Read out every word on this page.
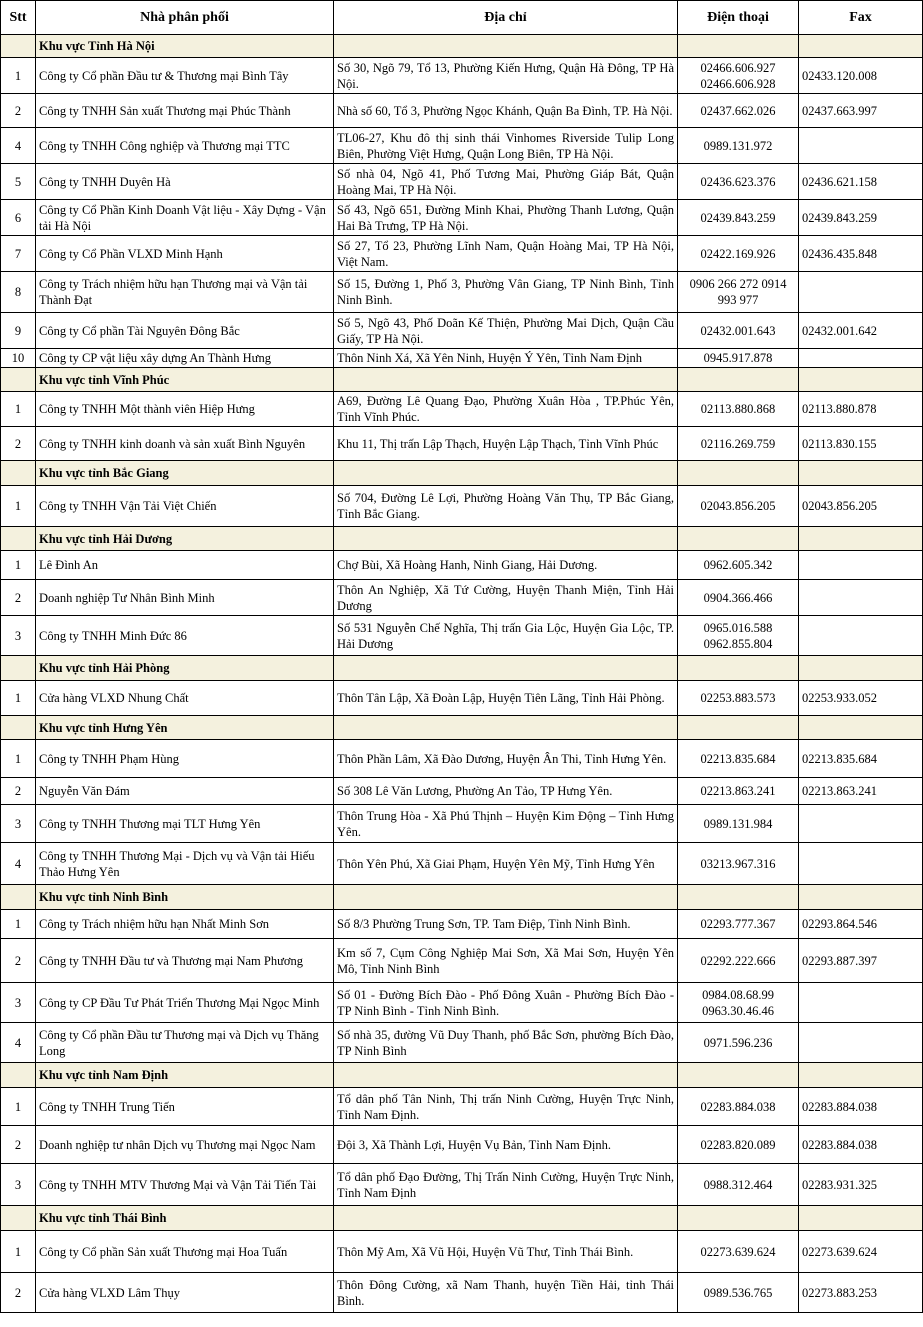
Stt	Nhà phân phối	Địa chỉ	Điện thoại	Fax
	Khu vực Tỉnh Hà Nội			
1	Công ty Cổ phần Đầu tư & Thương mại Bình Tây	Số 30, Ngõ 79, Tổ 13, Phường Kiến Hưng, Quận Hà Đông, TP Hà Nội.	02466.606.927
02466.606.928	02433.120.008
2	Công ty TNHH Sản xuất Thương mại Phúc Thành	Nhà số 60, Tổ 3, Phường Ngọc Khánh, Quận Ba Đình, TP. Hà Nội.	02437.662.026	02437.663.997
4	Công ty TNHH Công nghiệp và Thương mại TTC	TL06-27, Khu đô thị sinh thái Vinhomes Riverside Tulip Long Biên, Phường Việt Hưng, Quận Long Biên, TP Hà Nội.	0989.131.972	
5	Công ty TNHH Duyên Hà	Số nhà 04, Ngõ 41, Phố Tương Mai, Phường Giáp Bát, Quận Hoàng Mai, TP Hà Nội.	02436.623.376	02436.621.158
6	Công ty Cổ Phần Kinh Doanh Vật liệu - Xây Dựng - Vận tải Hà Nội	Số 43, Ngõ 651, Đường Minh Khai, Phường Thanh Lương, Quận Hai Bà Trưng, TP Hà Nội.	02439.843.259	02439.843.259
7	Công ty Cổ Phần VLXD Minh Hạnh	Số 27, Tổ 23, Phường Lĩnh Nam, Quận Hoàng Mai, TP Hà Nội, Việt Nam.	02422.169.926	02436.435.848
8	Công ty Trách nhiệm hữu hạn Thương mại và Vận tải Thành Đạt	Số 15, Đường 1, Phố 3, Phường Vân Giang, TP Ninh Bình, Tỉnh Ninh Bình.	0906 266 272 0914 993 977	
9	Công ty Cổ phần Tài Nguyên Đông Bắc	Số 5, Ngõ 43, Phố Doãn Kế Thiện, Phường Mai Dịch, Quận Cầu Giấy, TP Hà Nội.	02432.001.643	02432.001.642
10	Công ty CP vật liệu xây dựng An Thành Hưng	Thôn Ninh Xá, Xã Yên Ninh, Huyện Ý Yên, Tỉnh Nam Định	0945.917.878	
	Khu vực tỉnh Vĩnh Phúc			
1	Công ty TNHH Một thành viên Hiệp Hưng	A69, Đường Lê Quang Đạo, Phường Xuân Hòa , TP.Phúc Yên, Tỉnh Vĩnh Phúc.	02113.880.868	02113.880.878
2	Công ty TNHH kinh doanh và sản xuất Bình Nguyên	Khu 11, Thị trấn Lập Thạch, Huyện Lập Thạch, Tỉnh Vĩnh Phúc	02116.269.759	02113.830.155
	Khu vực tỉnh Bắc Giang			
1	Công ty TNHH Vận Tải Việt Chiến	Số 704, Đường Lê Lợi, Phường Hoàng Văn Thụ, TP Bắc Giang, Tỉnh Bắc Giang.	02043.856.205	02043.856.205
	Khu vực tỉnh Hải Dương			
1	Lê Đình An	Chợ Bùi, Xã Hoàng Hanh, Ninh Giang, Hải Dương.	0962.605.342	
2	Doanh nghiệp Tư Nhân Bình Minh	Thôn An Nghiệp, Xã Tứ Cường, Huyện Thanh Miện, Tỉnh Hải Dương	0904.366.466	
3	Công ty TNHH Minh Đức 86	Số 531 Nguyễn Chế Nghĩa, Thị trấn Gia Lộc, Huyện Gia Lộc, TP. Hải Dương	0965.016.588
0962.855.804	
	Khu vực tỉnh Hải Phòng			
1	Cửa hàng VLXD Nhung Chất	Thôn Tân Lập, Xã Đoàn Lập, Huyện Tiên Lãng, Tỉnh Hải Phòng.	02253.883.573	02253.933.052
	Khu vực tỉnh Hưng Yên			
1	Công ty TNHH Phạm Hùng	Thôn Phần Lâm, Xã Đào Dương, Huyện Ân Thi, Tỉnh Hưng Yên.	02213.835.684	02213.835.684
2	Nguyễn Văn Đám	Số 308 Lê Văn Lương, Phường An Tảo, TP Hưng Yên.	02213.863.241	02213.863.241
3	Công ty TNHH Thương mại TLT Hưng Yên	Thôn Trung Hòa - Xã Phú Thịnh – Huyện Kim Động – Tỉnh Hưng Yên.	0989.131.984	
4	Công ty TNHH Thương Mại - Dịch vụ và Vận tải Hiếu Thảo Hưng Yên	Thôn Yên Phú, Xã Giai Phạm, Huyện Yên Mỹ, Tỉnh Hưng Yên	03213.967.316	
	Khu vực tỉnh Ninh Bình			
1	Công ty Trách nhiệm hữu hạn Nhất Minh Sơn	Số 8/3 Phường Trung Sơn, TP. Tam Điệp, Tỉnh Ninh Bình.	02293.777.367	02293.864.546
2	Công ty TNHH Đầu tư và Thương mại Nam Phương	Km số 7, Cụm Công Nghiệp Mai Sơn, Xã Mai Sơn, Huyện Yên Mô, Tỉnh Ninh Bình	02292.222.666	02293.887.397
3	Công ty CP Đầu Tư Phát Triển Thương Mại Ngọc Minh	Số 01 - Đường Bích Đào - Phố Đông Xuân - Phường Bích Đào - TP Ninh Bình - Tỉnh Ninh Bình.	0984.08.68.99
0963.30.46.46	
4	Công ty Cổ phần Đầu tư Thương mại và Dịch vụ Thăng Long	Số nhà 35, đường Vũ Duy Thanh, phố Bắc Sơn, phường Bích Đào, TP Ninh Bình	0971.596.236	
	Khu vực tỉnh Nam Định			
1	Công ty TNHH Trung Tiến	Tổ dân phố Tân Ninh, Thị trấn Ninh Cường, Huyện Trực Ninh, Tỉnh Nam Định.	02283.884.038	02283.884.038
2	Doanh nghiệp tư nhân Dịch vụ Thương mại Ngọc Nam	Đội 3, Xã Thành Lợi, Huyện Vụ Bản, Tỉnh Nam Định.	02283.820.089	02283.884.038
3	Công ty TNHH MTV Thương Mại và Vận Tải Tiến Tài	Tổ dân phố Đạo Đường, Thị Trấn Ninh Cường, Huyện Trực Ninh, Tỉnh Nam Định	0988.312.464	02283.931.325
	Khu vực tỉnh Thái Bình			
1	Công ty Cổ phần Sản xuất Thương mại Hoa Tuấn	Thôn Mỹ Am, Xã Vũ Hội, Huyện Vũ Thư, Tỉnh Thái Bình.	02273.639.624	02273.639.624
2	Cửa hàng VLXD Lâm Thụy	Thôn Đông Cường, xã Nam Thanh, huyện Tiền Hải, tỉnh Thái Bình.	0989.536.765	02273.883.253
